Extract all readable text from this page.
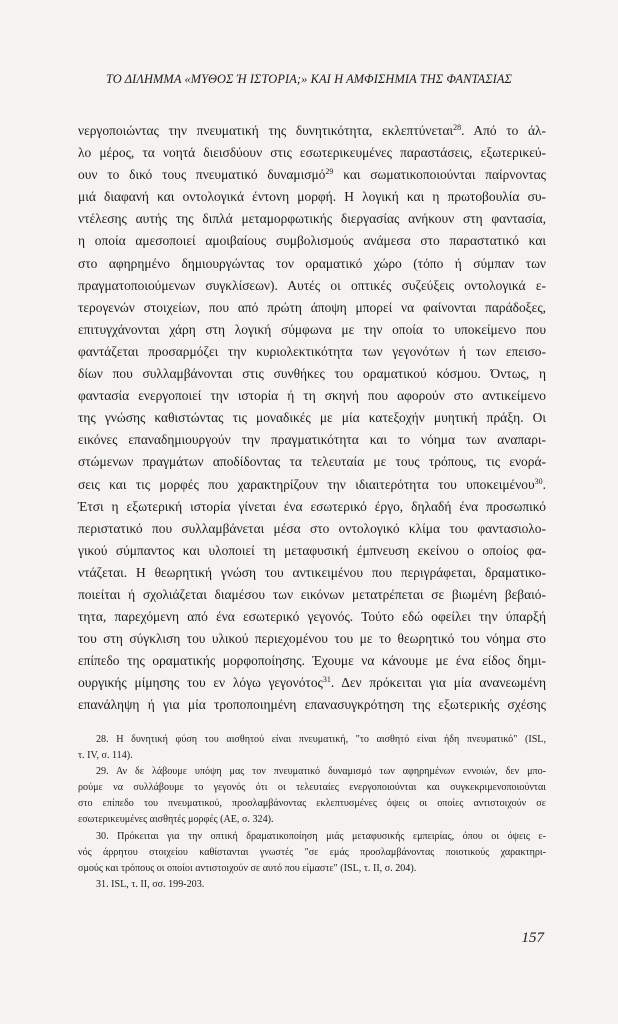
ΤΟ ΔΙΛΗΜΜΑ «ΜΥΘΟΣ Ή ΙΣΤΟΡΙΑ;» ΚΑΙ Η ΑΜΦΙΣΗΜΙΑ ΤΗΣ ΦΑΝΤΑΣΙΑΣ
νεργοποιώντας την πνευματική της δυνητικότητα, εκλεπτύνεται$^{28}$. Από το άλ-
λο μέρος, τα νοητά διεισδύουν στις εσωτερικευμένες παραστάσεις, εξωτερικεύ-
ουν το δικό τους πνευματικό δυναμισμό$^{29}$ και σωματικοποιούνται παίρνοντας
μιά διαφανή και οντολογικά έντονη μορφή. Η λογική και η πρωτοβουλία συ-
ντέλεσης αυτής της διπλά μεταμορφωτικής διεργασίας ανήκουν στη φαντασία,
η οποία αμεσοποιεί αμοιβαίους συμβολισμούς ανάμεσα στο παραστατικό και
στο αφηρημένο δημιουργώντας τον οραματικό χώρο (τόπο ή σύμπαν των
πραγματοποιούμενων συγκλίσεων). Αυτές οι οπτικές συζεύξεις οντολογικά ε-
τερογενών στοιχείων, που από πρώτη άποψη μπορεί να φαίνονται παράδοξες,
επιτυγχάνονται χάρη στη λογική σύμφωνα με την οποία το υποκείμενο που
φαντάζεται προσαρμόζει την κυριολεκτικότητα των γεγονότων ή των επεισο-
δίων που συλλαμβάνονται στις συνθήκες του οραματικού κόσμου. Όντως, η
φαντασία ενεργοποιεί την ιστορία ή τη σκηνή που αφορούν στο αντικείμενο
της γνώσης καθιστώντας τις μοναδικές με μία κατεξοχήν μυητική πράξη. Οι
εικόνες επαναδημιουργούν την πραγματικότητα και το νόημα των αναπαρι-
στώμενων πραγμάτων αποδίδοντας τα τελευταία με τους τρόπους, τις ενορά-
σεις και τις μορφές που χαρακτηρίζουν την ιδιαιτερότητα του υποκειμένου$^{30}$.
Έτσι η εξωτερική ιστορία γίνεται ένα εσωτερικό έργο, δηλαδή ένα προσωπικό
περιστατικό που συλλαμβάνεται μέσα στο οντολογικό κλίμα του φαντασιολο-
γικού σύμπαντος και υλοποιεί τη μεταφυσική έμπνευση εκείνου ο οποίος φα-
ντάζεται. Η θεωρητική γνώση του αντικειμένου που περιγράφεται, δραματικο-
ποιείται ή σχολιάζεται διαμέσου των εικόνων μετατρέπεται σε βιωμένη βεβαιό-
τητα, παρεχόμενη από ένα εσωτερικό γεγονός. Τούτο εδώ οφείλει την ύπαρξή
του στη σύγκλιση του υλικού περιεχομένου του με το θεωρητικό του νόημα στο
επίπεδο της οραματικής μορφοποίησης. Έχουμε να κάνουμε με ένα είδος δημι-
ουργικής μίμησης του εν λόγω γεγονότος$^{31}$. Δεν πρόκειται για μία ανανεωμένη
επανάληψη ή για μία τροποποιημένη επανασυγκρότηση της εξωτερικής σχέσης
28. Η δυνητική φύση του αισθητού είναι πνευματική, "το αισθητό είναι ήδη πνευματικό" (ISL,
τ. IV, σ. 114).
29. Αν δε λάβουμε υπόψη μας τον πνευματικό δυναμισμό των αφηρημένων εννοιών, δεν μπο-
ρούμε να συλλάβουμε το γεγονός ότι οι τελευταίες ενεργοποιούνται και συγκεκριμενοποιούνται
στο επίπεδο του πνευματικού, προσλαμβάνοντας εκλεπτυσμένες όψεις οι οποίες αντιστοιχούν σε
εσωτερικευμένες αισθητές μορφές (ΑΕ, σ. 324).
30. Πρόκειται για την οπτική δραματικοποίηση μιάς μεταφυσικής εμπειρίας, όπου οι όψεις ε-
νός άρρητου στοιχείου καθίστανται γνωστές "σε εμάς προσλαμβάνοντας ποιοτικούς χαρακτηρι-
σμούς και τρόπους οι οποίοι αντιστοιχούν σε αυτό που είμαστε" (ISL, τ. II, σ. 204).
31. ISL, τ. II, σσ. 199-203.
157
